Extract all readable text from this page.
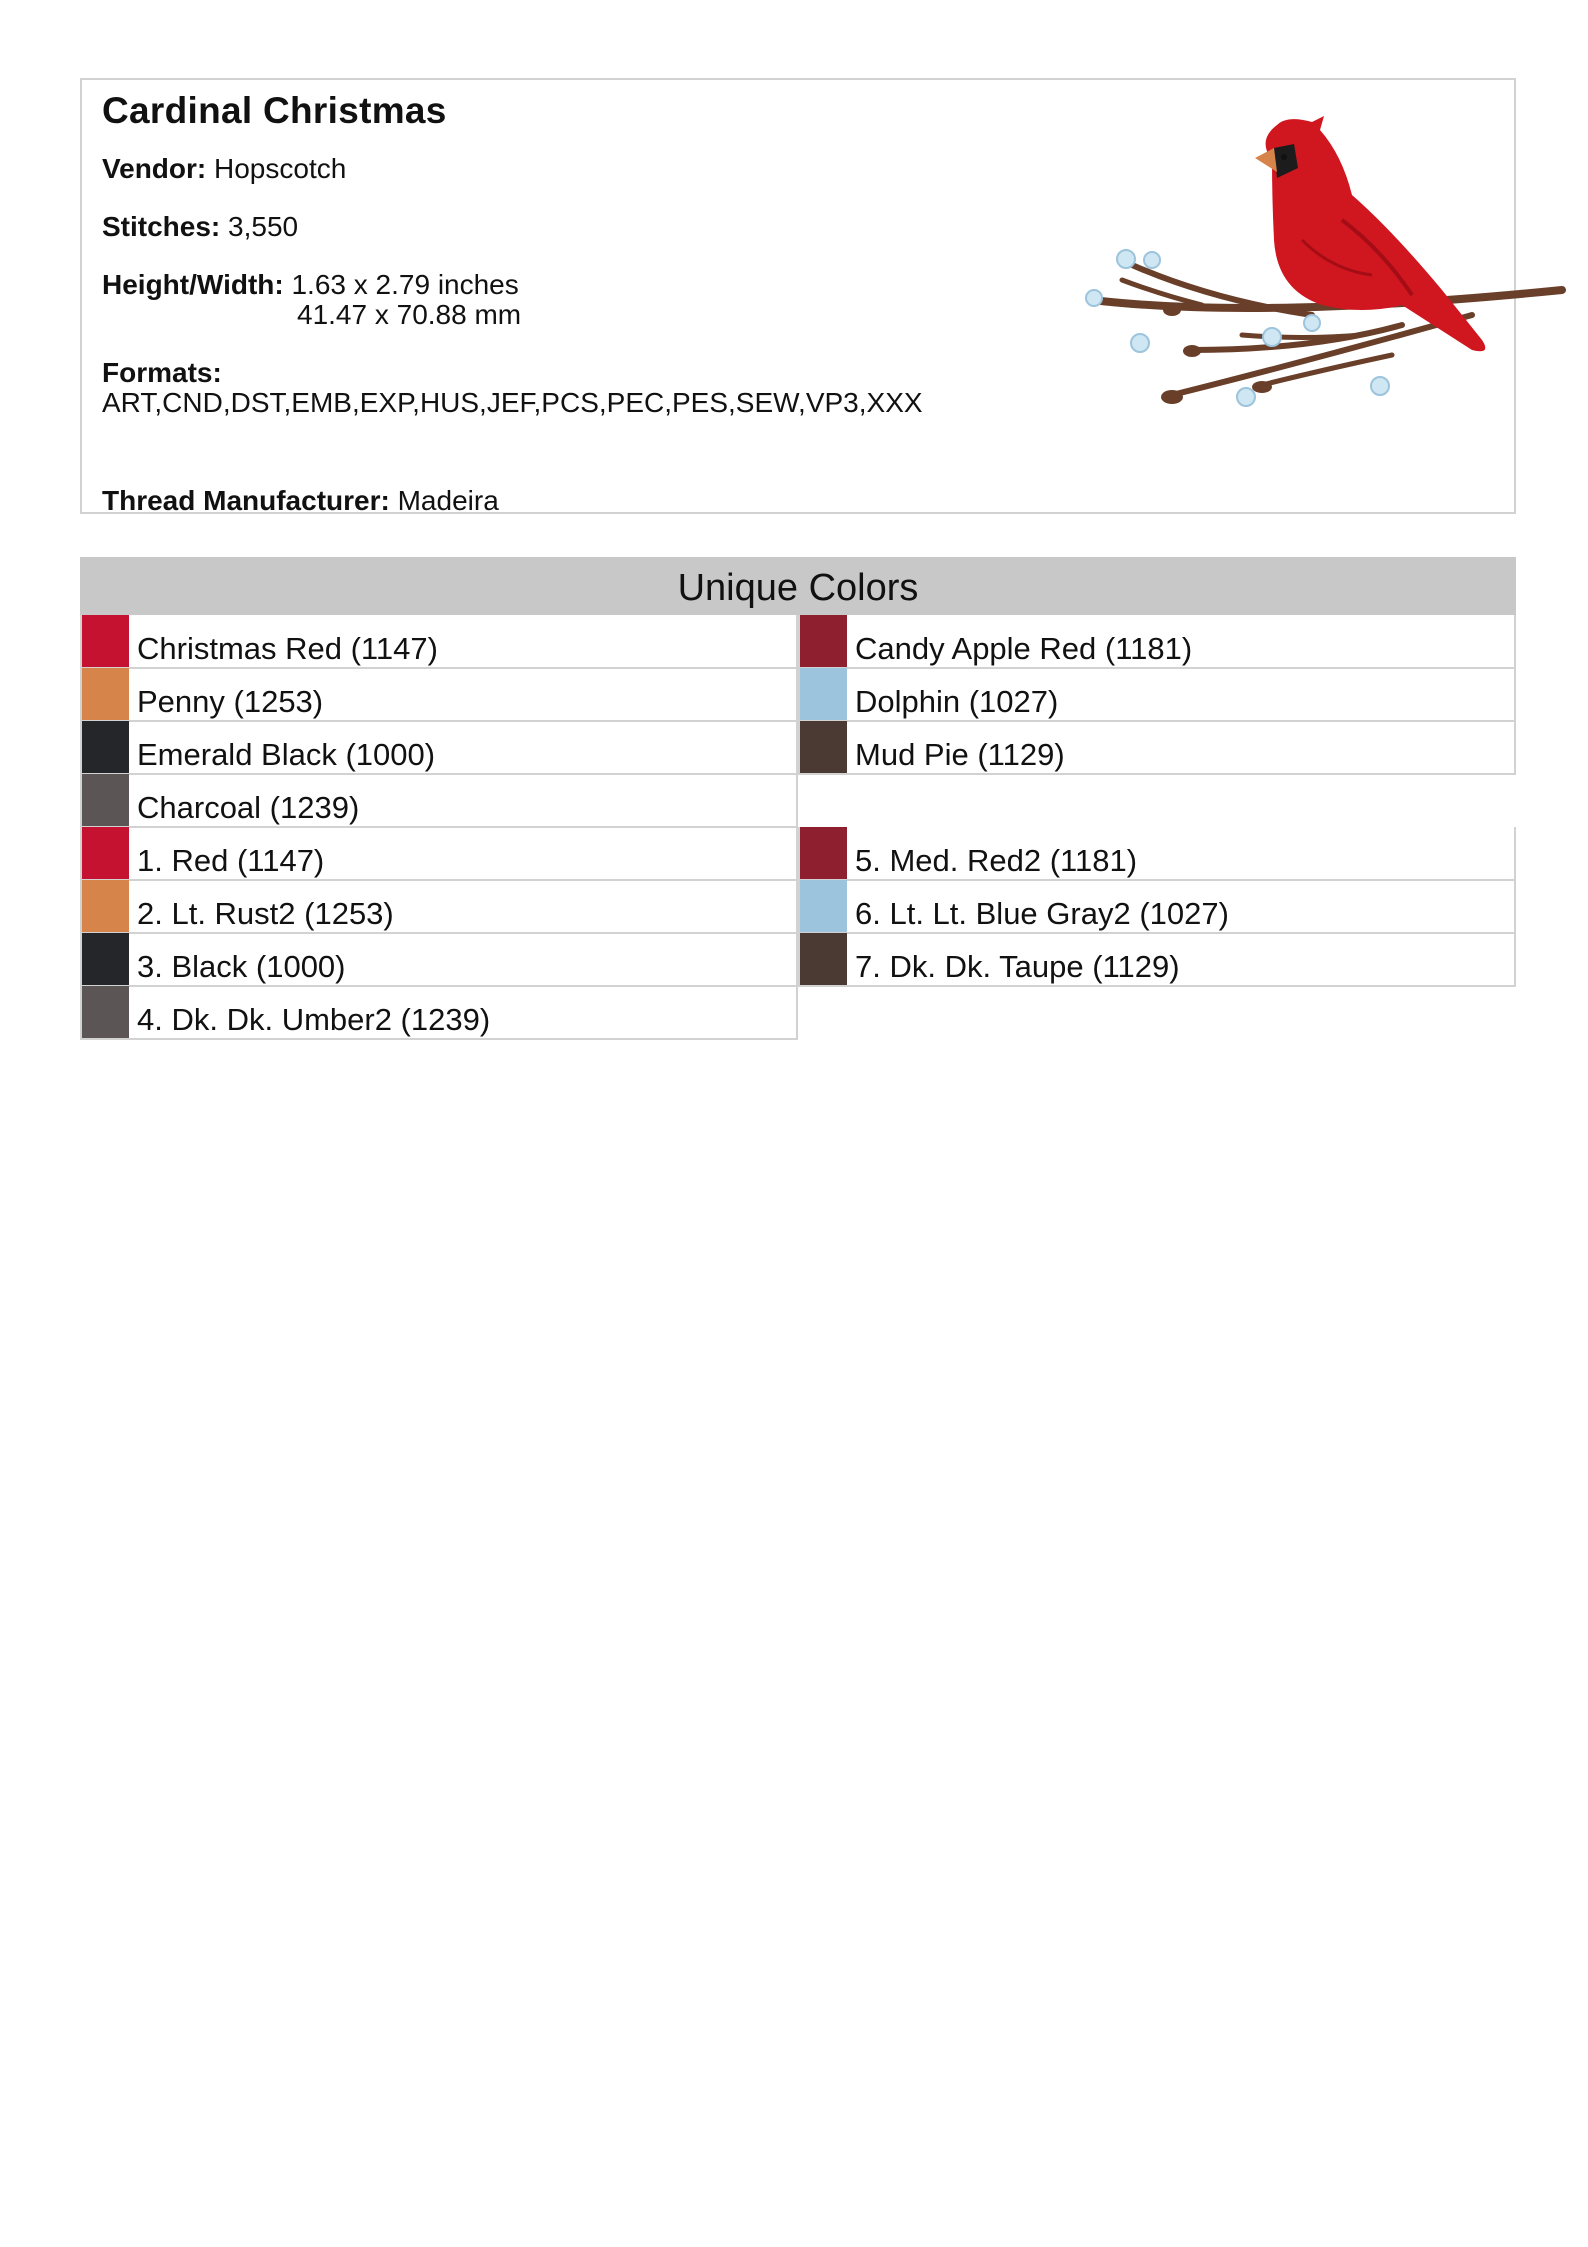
Cardinal Christmas
Vendor: Hopscotch
Stitches: 3,550
Height/Width: 1.63 x 2.79 inches
41.47 x 70.88 mm
Formats:
ART,CND,DST,EMB,EXP,HUS,JEF,PCS,PEC,PES,SEW,VP3,XXX
Thread Manufacturer: Madeira
Unique Colors
Christmas Red (1147)	Candy Apple Red (1181)
Penny (1253)	Dolphin (1027)
Emerald Black (1000)	Mud Pie (1129)
Charcoal (1239)
1. Red (1147)	5. Med. Red2 (1181)
2. Lt. Rust2 (1253)	6. Lt. Lt. Blue Gray2 (1027)
3. Black (1000)	7. Dk. Dk. Taupe (1129)
4. Dk. Dk. Umber2 (1239)
